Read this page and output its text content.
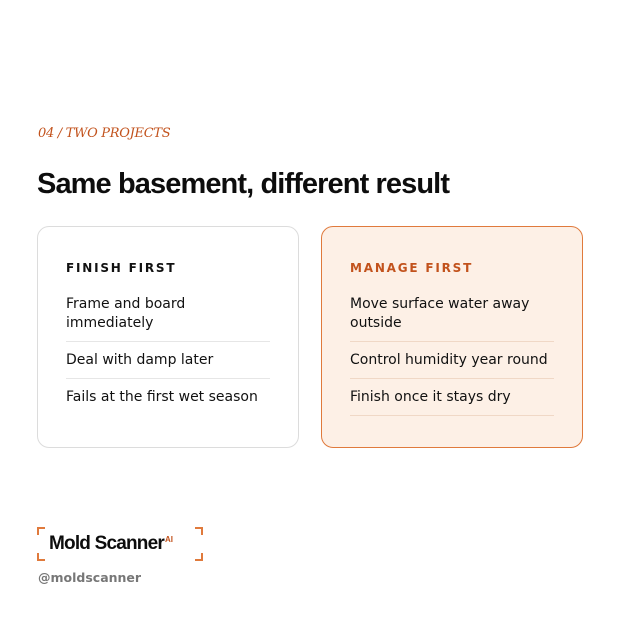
04 / TWO PROJECTS
Same basement, different result
FINISH FIRST
Frame and board immediately
Deal with damp later
Fails at the first wet season
MANAGE FIRST
Move surface water away outside
Control humidity year round
Finish once it stays dry
Mold Scanner$^{AI}$
@moldscanner
